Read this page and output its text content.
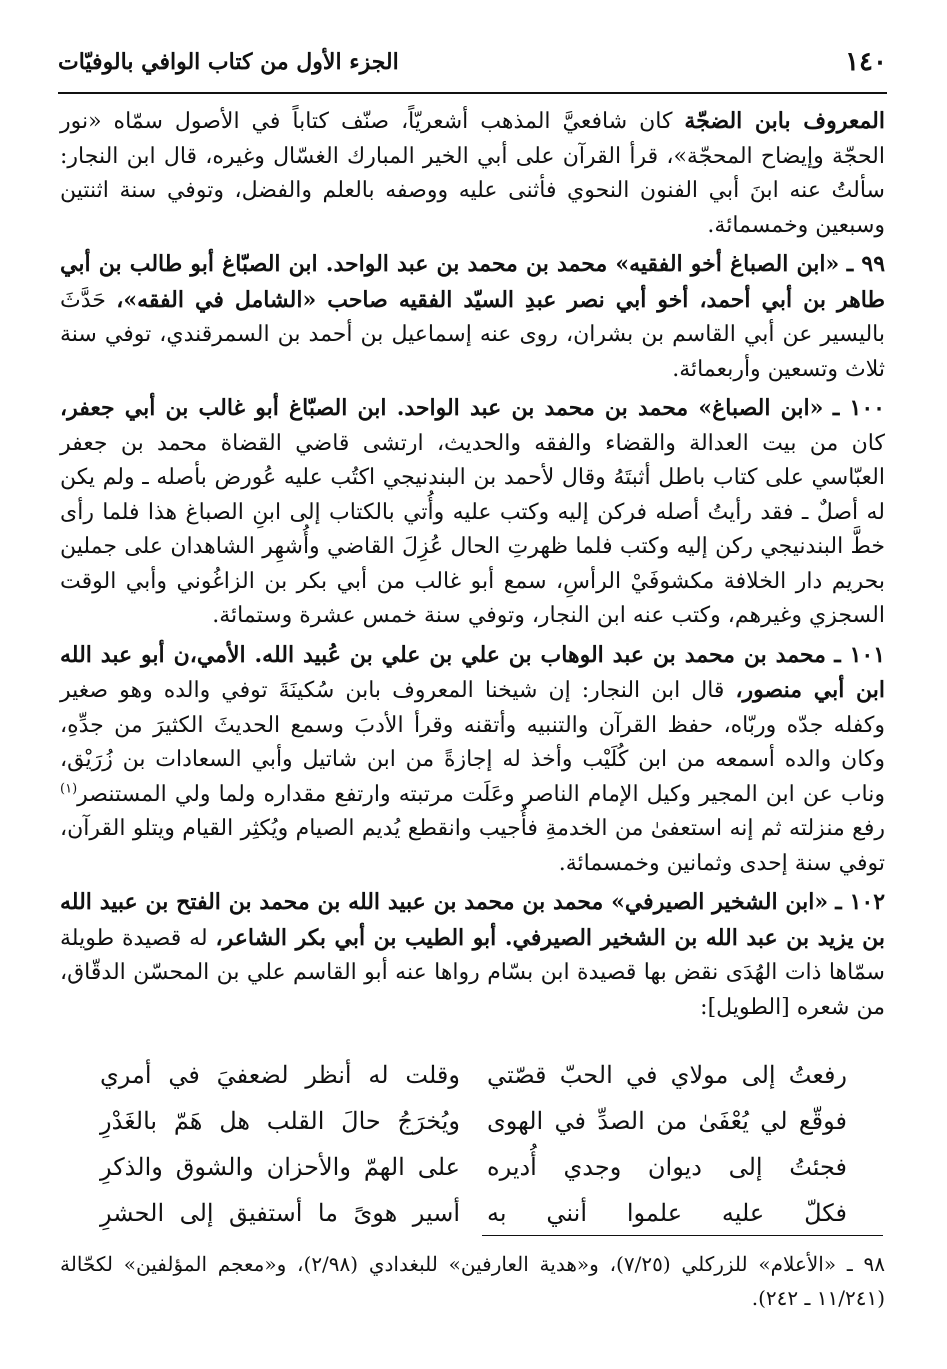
١٤٠
الجزء الأول من كتاب الوافي بالوفيّات

المعروف بابن الضجّة كان شافعيَّ المذهب أشعريّاً، صنّف كتاباً في الأصول سمّاه «نور الحجّة وإيضاح المحجّة»، قرأ القرآن على أبي الخير المبارك الغسّال وغيره، قال ابن النجار: سألتُ عنه ابنَ أبي الفنون النحوي فأثنى عليه ووصفه بالعلم والفضل، وتوفي سنة اثنتين وسبعين وخمسمائة.

٩٩ ـ «ابن الصباغ أخو الفقيه» محمد بن محمد بن عبد الواحد. ابن الصبّاغ أبو طالب بن أبي طاهر بن أبي أحمد، أخو أبي نصر عبدِ السيّد الفقيه صاحب «الشامل في الفقه»، حَدَّثَ باليسير عن أبي القاسم بن بشران، روى عنه إسماعيل بن أحمد بن السمرقندي، توفي سنة ثلاث وتسعين وأربعمائة.

١٠٠ ـ «ابن الصباغ» محمد بن محمد بن عبد الواحد. ابن الصبّاغ أبو غالب بن أبي جعفر، كان من بيت العدالة والقضاء والفقه والحديث، ارتشى قاضي القضاة محمد بن جعفر العبّاسي على كتاب باطل أثبتَهُ وقال لأحمد بن البندنيجي اكتُب عليه عُورض بأصله ـ ولم يكن له أصلٌ ـ فقد رأيتُ أصله فركن إليه وكتب عليه وأُتي بالكتاب إلى ابنِ الصباغ هذا فلما رأى خطَّ البندنيجي ركن إليه وكتب فلما ظهرتِ الحال عُزِلَ القاضي وأُشهِر الشاهدان على جملين بحريم دار الخلافة مكشوفَيْ الرأسِ، سمع أبو غالب من أبي بكر بن الزاغُوني وأبي الوقت السجزي وغيرهم، وكتب عنه ابن النجار، وتوفي سنة خمس عشرة وستمائة.

١٠١ ـ محمد بن محمد بن عبد الوهاب بن علي بن علي بن عُبيد الله. الأمي،ن أبو عبد الله ابن أبي منصور، قال ابن النجار: إن شيخنا المعروف بابن سُكينَةَ توفي والده وهو صغير وكفله جدّه وربّاه، حفظ القرآن والتنبيه وأتقنه وقرأ الأدبَ وسمع الحديثَ الكثيرَ من جدِّهِ، وكان والده أسمعه من ابن كُلَيْب وأخذ له إجازةً من ابن شاتيل وأبي السعادات بن زُرَيْق، وناب عن ابن المجير وكيل الإمام الناصر وعَلَت مرتبته وارتفع مقداره ولما ولي المستنصر$^{(١)}$ رفع منزلته ثم إنه استعفىٰ من الخدمةِ فأُجيب وانقطع يُديم الصيام ويُكثِر القيام ويتلو القرآن، توفي سنة إحدى وثمانين وخمسمائة.

١٠٢ ـ «ابن الشخير الصيرفي» محمد بن محمد بن عبيد الله بن محمد بن الفتح بن عبيد الله بن يزيد بن عبد الله بن الشخير الصيرفي. أبو الطيب بن أبي بكر الشاعر، له قصيدة طويلة سمّاها ذات الهُدَى نقض بها قصيدة ابن بسّام رواها عنه أبو القاسم علي بن المحسّن الدقّاق، من شعره [الطويل]:

رفعتُ إلى مولاي في الحبّ قصّتي
وقلت له أنظر لضعفيَ في أمري
فوقّع لي يُعْفَىٰ من الصدِّ في الهوى
ويُخرَجُ حالَ القلب هل هَمّ بالغَدْرِ
فجئتُ إلى ديوان وجدي أُديره
على الهمّ والأحزان والشوق والذكرِ
فكلّ عليه علموا أنني به
أسير هوىً ما أستفيق إلى الحشرِ
٩٨ ـ «الأعلام» للزركلي (٧/٢٥)، و«هدية العارفين» للبغدادي (٢/٩٨)، و«معجم المؤلفين» لكحّالة (١١/٢٤١ ـ ٢٤٢).
